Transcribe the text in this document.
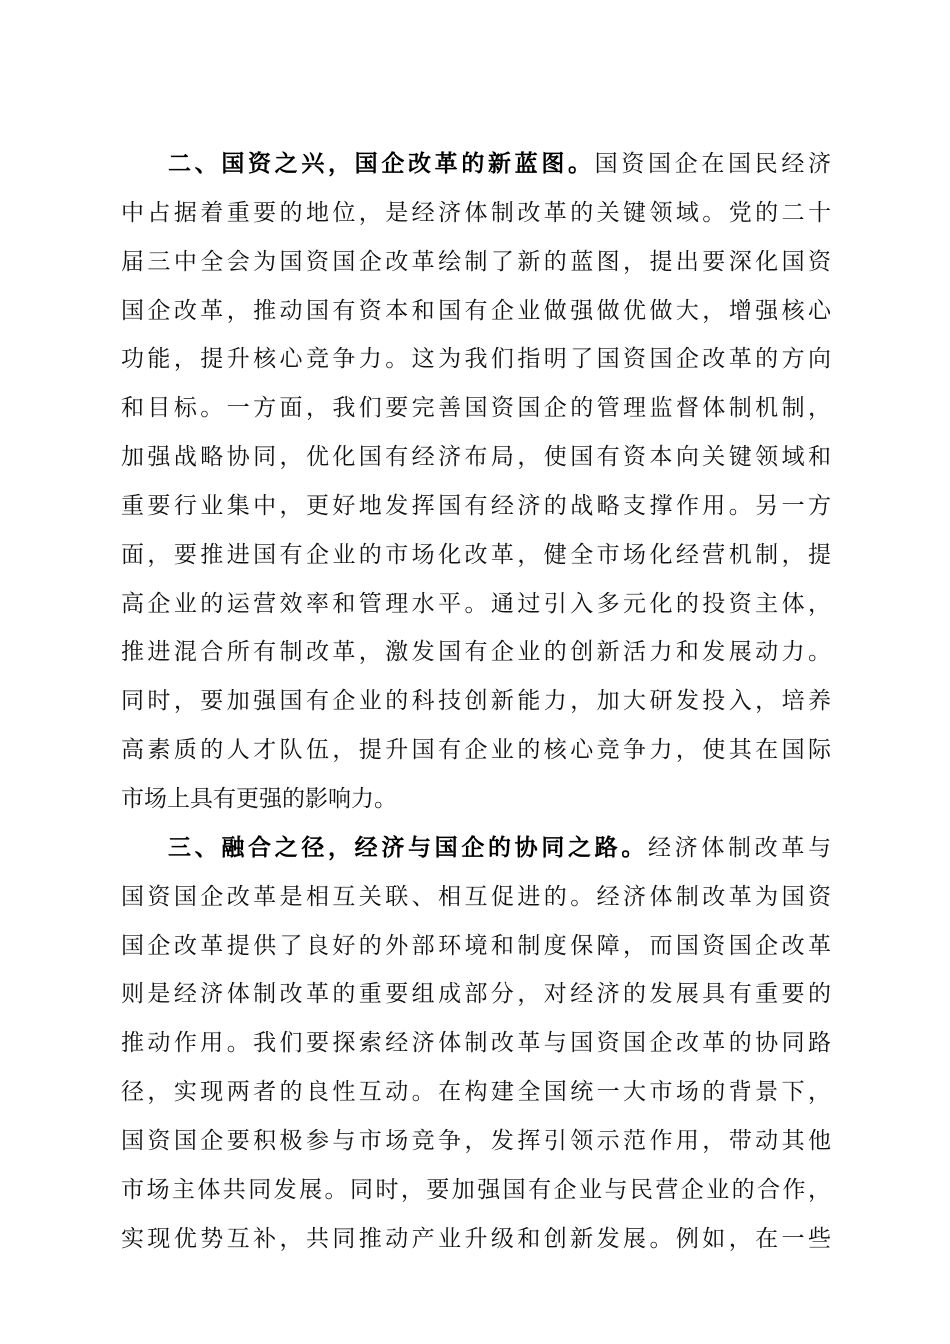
二、国资之兴，国企改革的新蓝图。国资国企在国民经济
中占据着重要的地位，是经济体制改革的关键领域。党的二十
届三中全会为国资国企改革绘制了新的蓝图，提出要深化国资
国企改革，推动国有资本和国有企业做强做优做大，增强核心
功能，提升核心竞争力。这为我们指明了国资国企改革的方向
和目标。一方面，我们要完善国资国企的管理监督体制机制，
加强战略协同，优化国有经济布局，使国有资本向关键领域和
重要行业集中，更好地发挥国有经济的战略支撑作用。另一方
面，要推进国有企业的市场化改革，健全市场化经营机制，提
高企业的运营效率和管理水平。通过引入多元化的投资主体，
推进混合所有制改革，激发国有企业的创新活力和发展动力。
同时，要加强国有企业的科技创新能力，加大研发投入，培养
高素质的人才队伍，提升国有企业的核心竞争力，使其在国际
市场上具有更强的影响力。
三、融合之径，经济与国企的协同之路。经济体制改革与
国资国企改革是相互关联、相互促进的。经济体制改革为国资
国企改革提供了良好的外部环境和制度保障，而国资国企改革
则是经济体制改革的重要组成部分，对经济的发展具有重要的
推动作用。我们要探索经济体制改革与国资国企改革的协同路
径，实现两者的良性互动。在构建全国统一大市场的背景下，
国资国企要积极参与市场竞争，发挥引领示范作用，带动其他
市场主体共同发展。同时，要加强国有企业与民营企业的合作，
实现优势互补，共同推动产业升级和创新发展。例如，在一些
